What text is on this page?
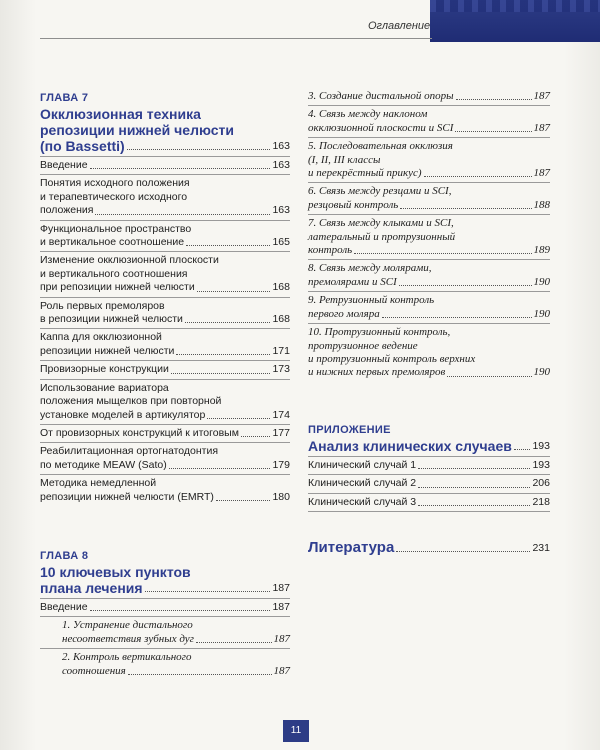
Оглавление

ГЛАВА 7

Окклюзионная техника

репозиции нижней челюсти

(по Bassetti)	163
Введение	163

Понятия исходного положения

и терапевтического исходного

положения	163

Функциональное пространство

и вертикальное соотношение	165

Изменение окклюзионной плоскости

и вертикального соотношения

при репозиции нижней челюсти	168

Роль первых премоляров

в репозиции нижней челюсти	168

Каппа для окклюзионной

репозиции нижней челюсти	171
Провизорные конструкции	173

Использование вариатора

положения мыщелков при повторной

установке моделей в артикулятор	174
От провизорных конструкций к итоговым	177

Реабилитационная ортогнатодонтия

по методике MEAW (Sato)	179

Методика немедленной

репозиции нижней челюсти (EMRT)	180

ГЛАВА 8

10 ключевых пунктов

плана лечения	187
Введение	187

1. Устранение дистального

несоответствия зубных дуг	187

2. Контроль вертикального

соотношения	187
3. Создание дистальной опоры	187

4. Связь между наклоном

окклюзионной плоскости и SCI	187

5. Последовательная окклюзия

(I, II, III классы

и перекрёстный прикус)	187

6. Связь между резцами и SCI,

резцовый контроль	188

7. Связь между клыками и SCI,

латеральный и протрузионный

контроль	189

8. Связь между молярами,

премолярами и SCI	190

9. Ретрузионный контроль

первого моляра	190

10. Протрузионный контроль,

протрузионное ведение

и протрузионный контроль верхних

и нижних первых премоляров	190

ПРИЛОЖЕНИЕ

Анализ клинических случаев 193
Клинический случай 1	193
Клинический случай 2	206
Клинический случай 3	218
Литература	231
11
